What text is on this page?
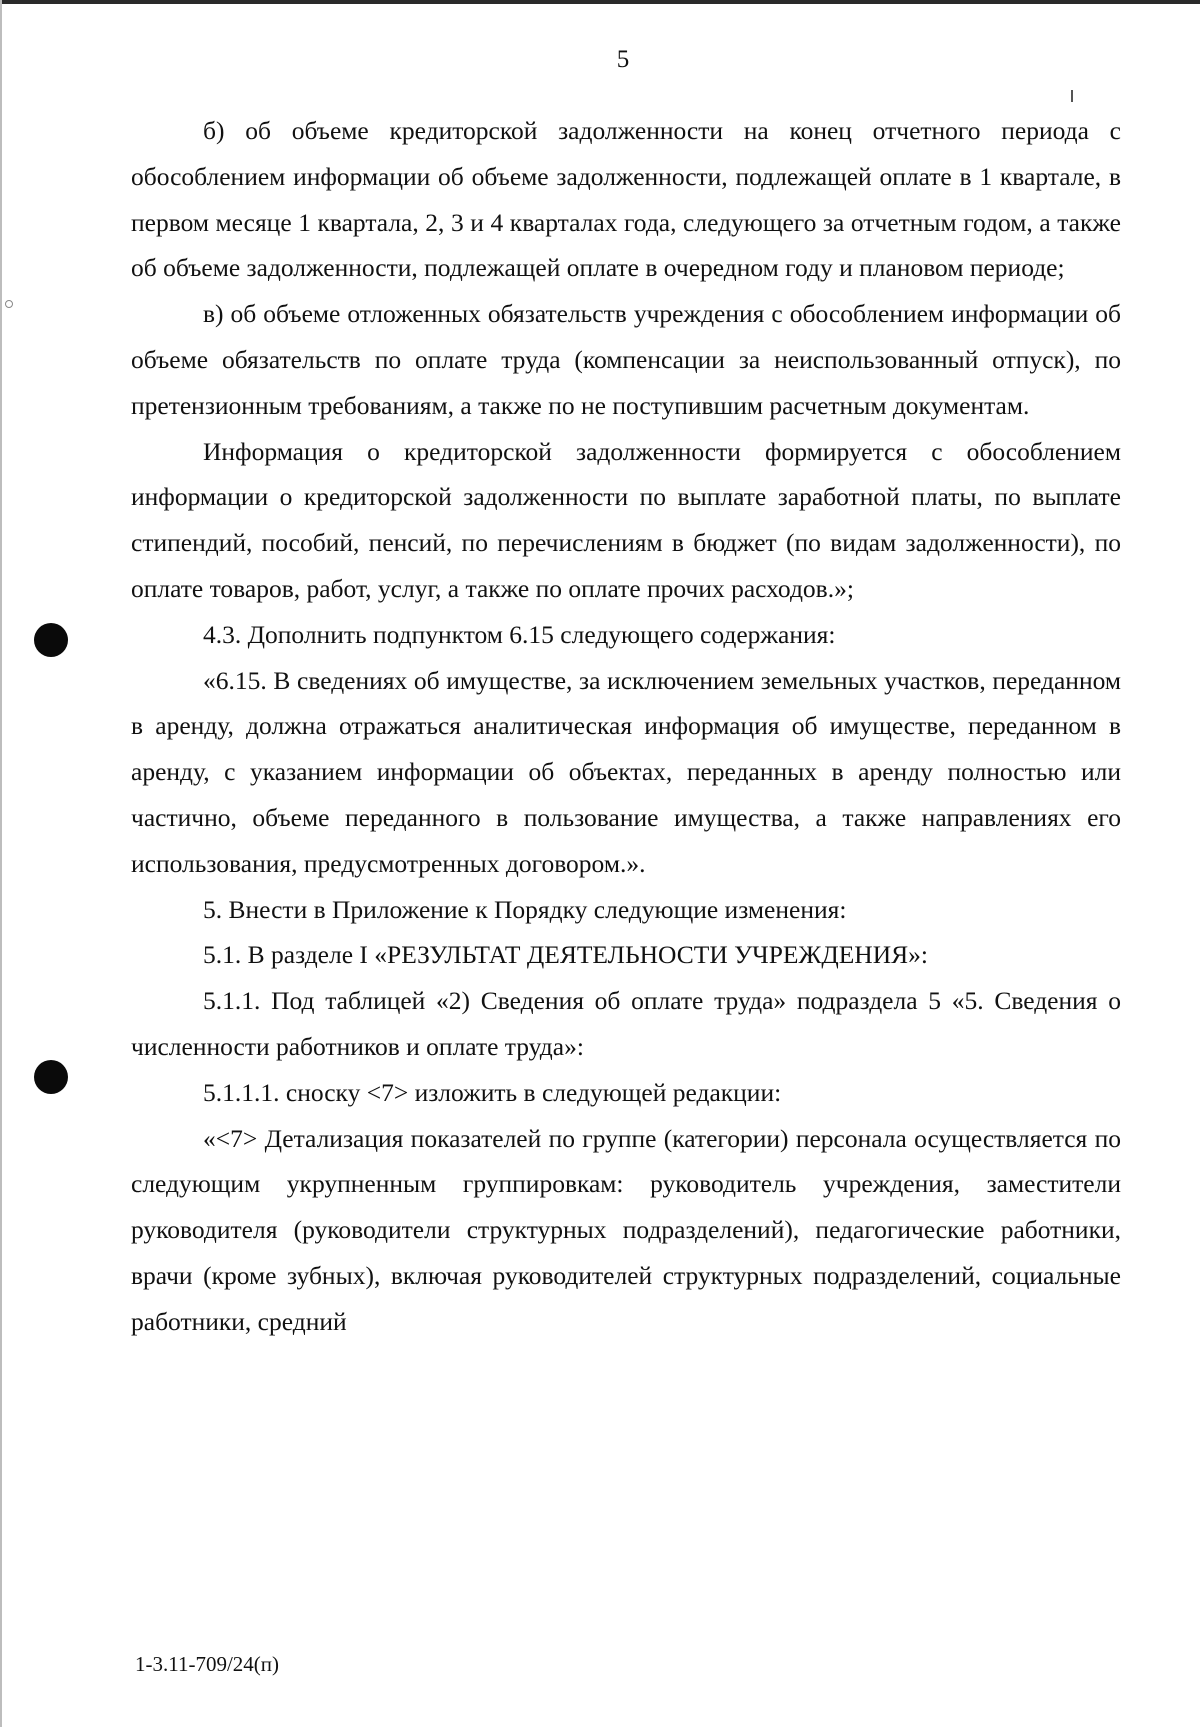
5

б) об объеме кредиторской задолженности на конец отчетного периода с обособлением информации об объеме задолженности, подлежащей оплате в 1 квартале, в первом месяце 1 квартала, 2, 3 и 4 кварталах года, следующего за отчетным годом, а также об объеме задолженности, подлежащей оплате в очередном году и плановом периоде;

в) об объеме отложенных обязательств учреждения с обособлением информации об объеме обязательств по оплате труда (компенсации за неиспользованный отпуск), по претензионным требованиям, а также по не поступившим расчетным документам.

Информация о кредиторской задолженности формируется с обособлением информации о кредиторской задолженности по выплате заработной платы, по выплате стипендий, пособий, пенсий, по перечислениям в бюджет (по видам задолженности), по оплате товаров, работ, услуг, а также по оплате прочих расходов.»;

4.3. Дополнить подпунктом 6.15 следующего содержания:

«6.15. В сведениях об имуществе, за исключением земельных участков, переданном в аренду, должна отражаться аналитическая информация об имуществе, переданном в аренду, с указанием информации об объектах, переданных в аренду полностью или частично, объеме переданного в пользование имущества, а также направлениях его использования, предусмотренных договором.».

5. Внести в Приложение к Порядку следующие изменения:

5.1. В разделе I «РЕЗУЛЬТАТ ДЕЯТЕЛЬНОСТИ УЧРЕЖДЕНИЯ»:

5.1.1. Под таблицей «2) Сведения об оплате труда» подраздела 5 «5. Сведения о численности работников и оплате труда»:

5.1.1.1. сноску <7> изложить в следующей редакции:

«<7> Детализация показателей по группе (категории) персонала осуществляется по следующим укрупненным группировкам: руководитель учреждения, заместители руководителя (руководители структурных подразделений), педагогические работники, врачи (кроме зубных), включая руководителей структурных подразделений, социальные работники, средний

1-3.11-709/24(п)
